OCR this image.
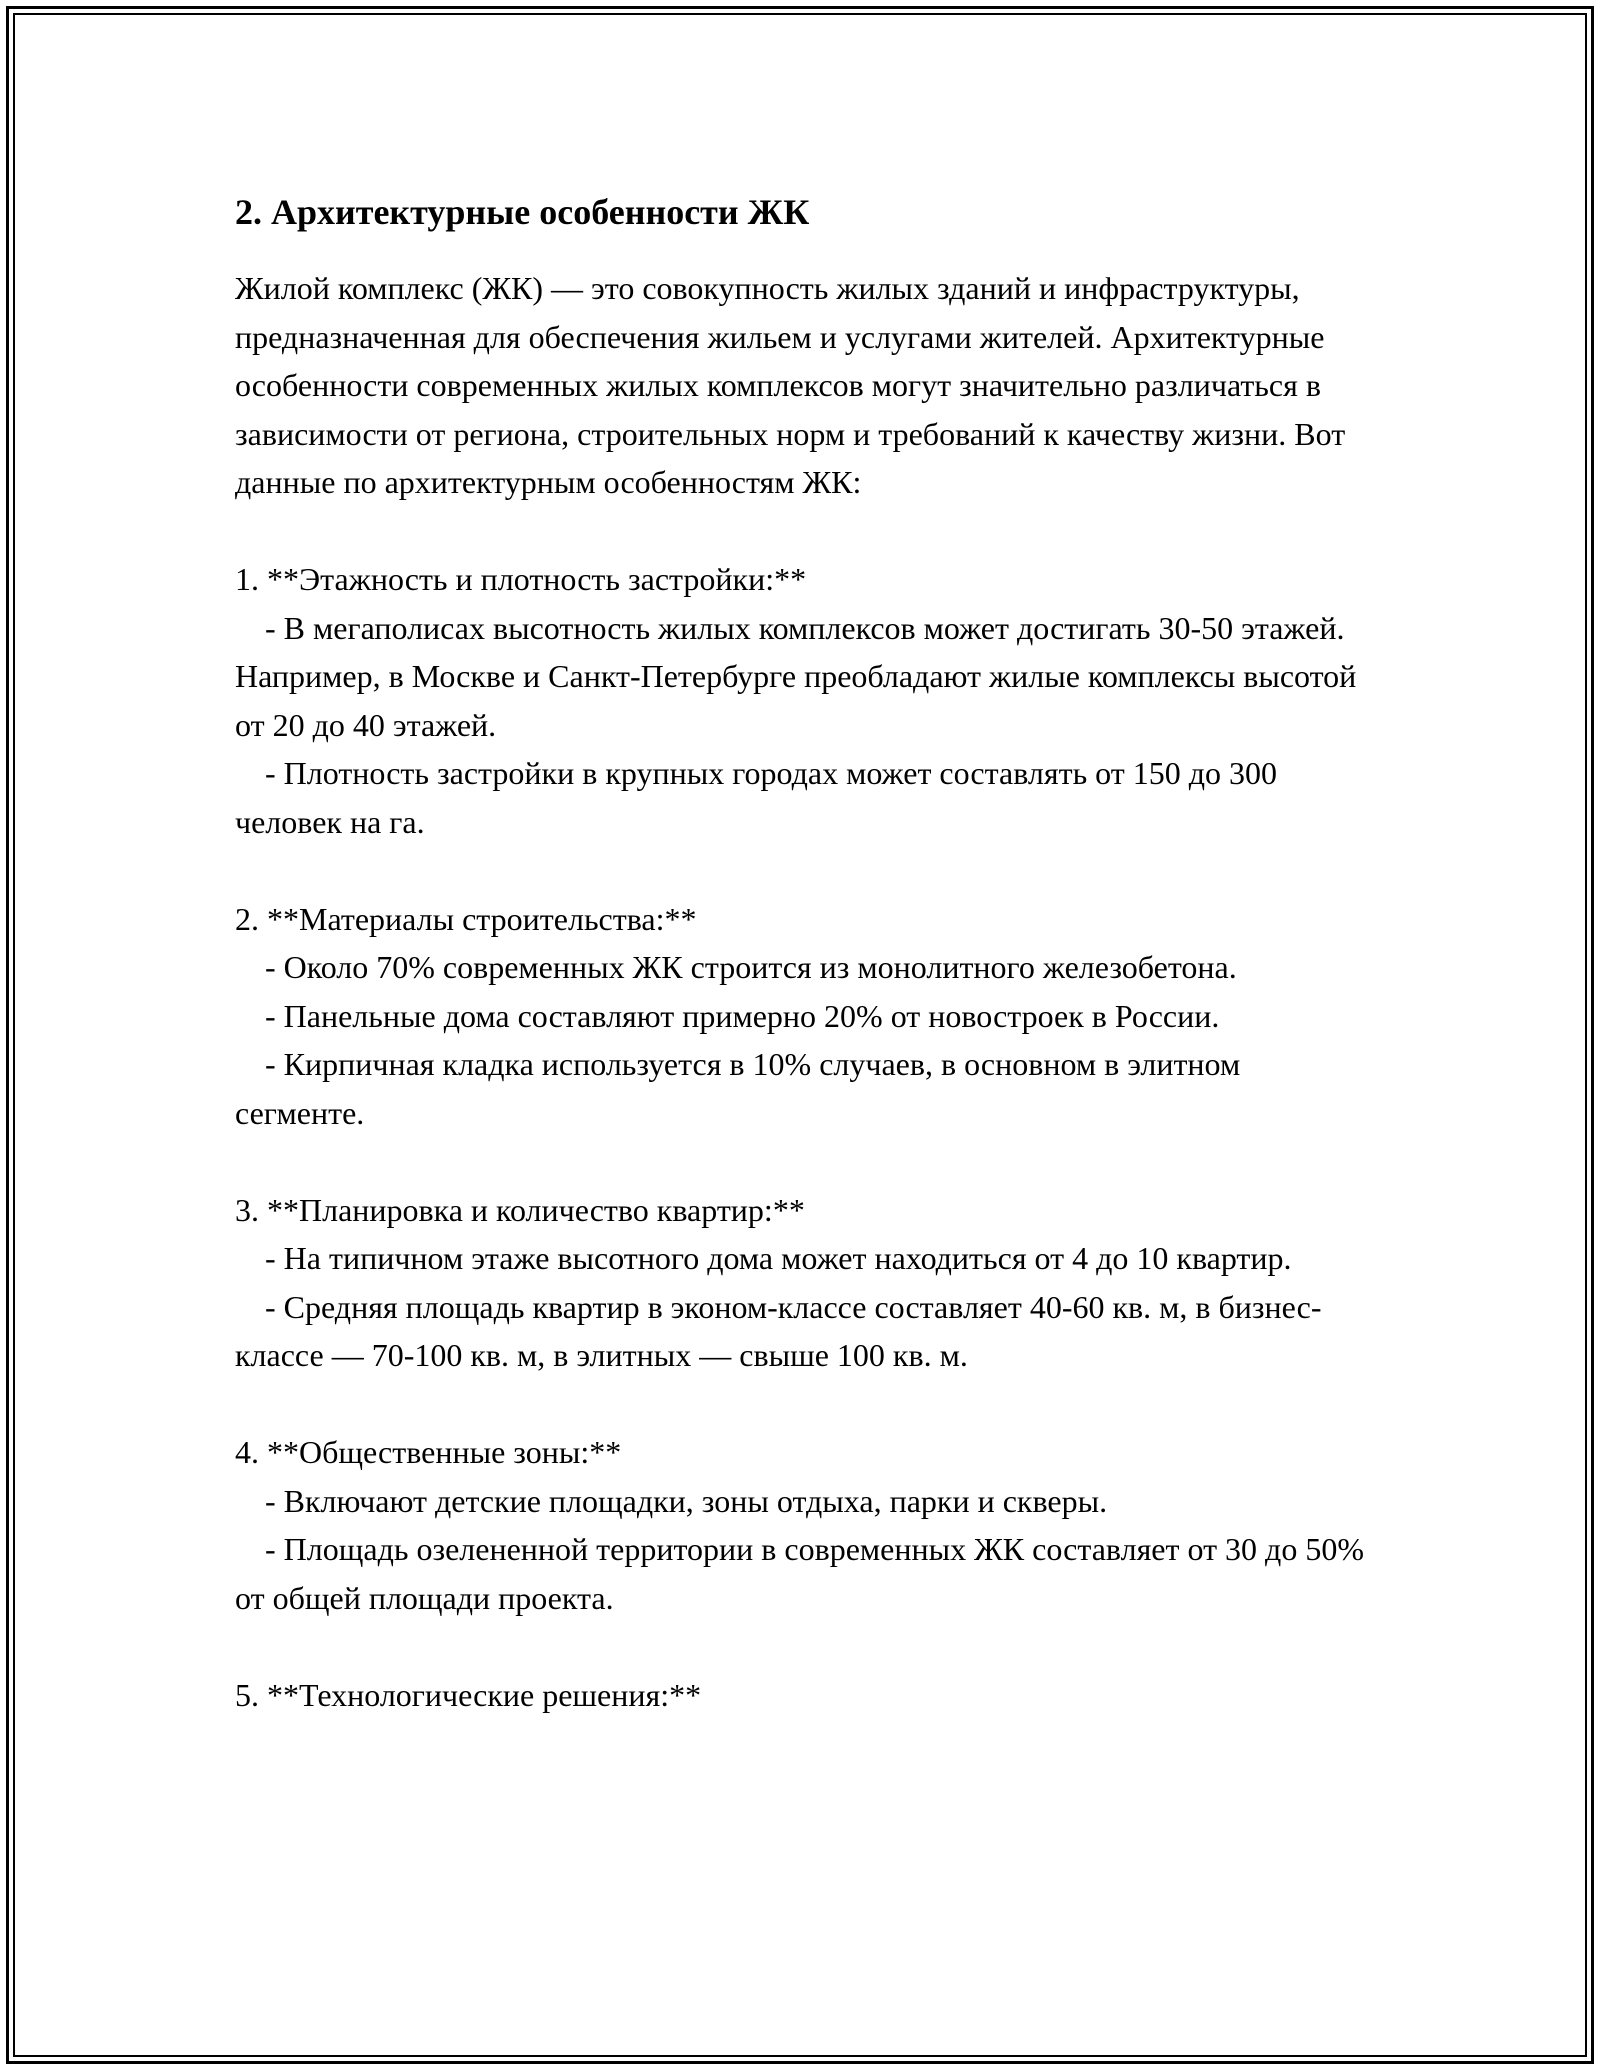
2. Архитектурные особенности ЖК

Жилой комплекс (ЖК) — это совокупность жилых зданий и инфраструктуры, предназначенная для обеспечения жильем и услугами жителей. Архитектурные особенности современных жилых комплексов могут значительно различаться в зависимости от региона, строительных норм и требований к качеству жизни. Вот данные по архитектурным особенностям ЖК:

1. **Этажность и плотность застройки:**

- В мегаполисах высотность жилых комплексов может достигать 30-50 этажей. Например, в Москве и Санкт-Петербурге преобладают жилые комплексы высотой от 20 до 40 этажей.

- Плотность застройки в крупных городах может составлять от 150 до 300 человек на га.

2. **Материалы строительства:**

- Около 70% современных ЖК строится из монолитного железобетона.

- Панельные дома составляют примерно 20% от новостроек в России.

- Кирпичная кладка используется в 10% случаев, в основном в элитном сегменте.

3. **Планировка и количество квартир:**

- На типичном этаже высотного дома может находиться от 4 до 10 квартир.

- Средняя площадь квартир в эконом-классе составляет 40-60 кв. м, в бизнес-классе — 70-100 кв. м, в элитных — свыше 100 кв. м.

4. **Общественные зоны:**

- Включают детские площадки, зоны отдыха, парки и скверы.

- Площадь озелененной территории в современных ЖК составляет от 30 до 50% от общей площади проекта.

5. **Технологические решения:**
